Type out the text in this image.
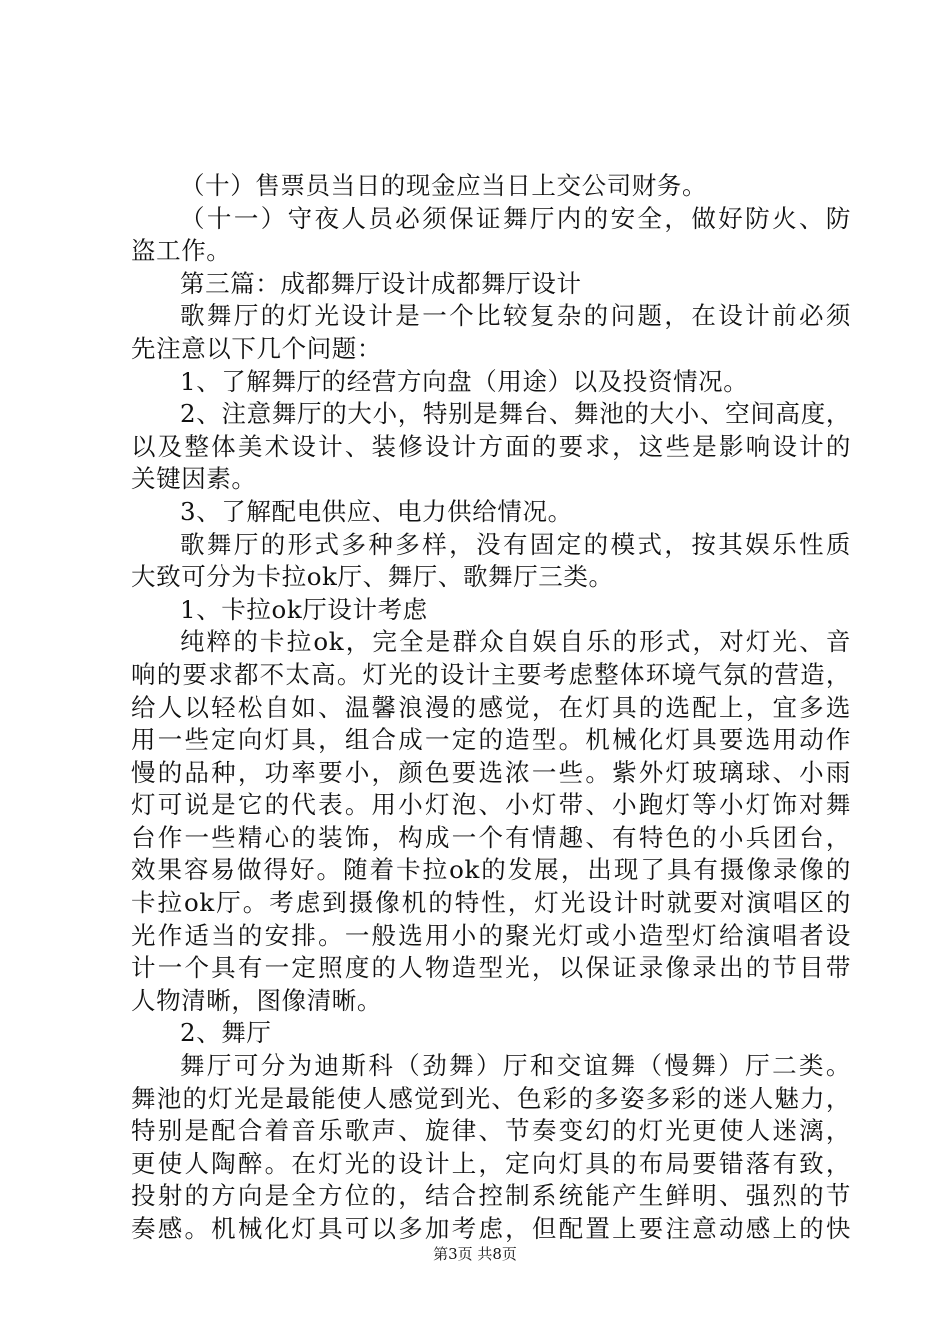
（十）售票员当日的现金应当日上交公司财务。
（十一）守夜人员必须保证舞厅内的安全，做好防火、防
盗工作。
第三篇：成都舞厅设计成都舞厅设计
歌舞厅的灯光设计是一个比较复杂的问题，在设计前必须
先注意以下几个问题：
1、了解舞厅的经营方向盘（用途）以及投资情况。
2、注意舞厅的大小，特别是舞台、舞池的大小、空间高度，
以及整体美术设计、装修设计方面的要求，这些是影响设计的
关键因素。
3、了解配电供应、电力供给情况。
歌舞厅的形式多种多样，没有固定的模式，按其娱乐性质
大致可分为卡拉ok厅、舞厅、歌舞厅三类。
1、卡拉ok厅设计考虑
纯粹的卡拉ok，完全是群众自娱自乐的形式，对灯光、音
响的要求都不太高。灯光的设计主要考虑整体环境气氛的营造，
给人以轻松自如、温馨浪漫的感觉，在灯具的选配上，宜多选
用一些定向灯具，组合成一定的造型。机械化灯具要选用动作
慢的品种，功率要小，颜色要选浓一些。紫外灯玻璃球、小雨
灯可说是它的代表。用小灯泡、小灯带、小跑灯等小灯饰对舞
台作一些精心的装饰，构成一个有情趣、有特色的小兵团台，
效果容易做得好。随着卡拉ok的发展，出现了具有摄像录像的
卡拉ok厅。考虑到摄像机的特性，灯光设计时就要对演唱区的
光作适当的安排。一般选用小的聚光灯或小造型灯给演唱者设
计一个具有一定照度的人物造型光，以保证录像录出的节目带
人物清晰，图像清晰。
2、舞厅
舞厅可分为迪斯科（劲舞）厅和交谊舞（慢舞）厅二类。
舞池的灯光是最能使人感觉到光、色彩的多姿多彩的迷人魅力，
特别是配合着音乐歌声、旋律、节奏变幻的灯光更使人迷漓，
更使人陶醉。在灯光的设计上，定向灯具的布局要错落有致，
投射的方向是全方位的，结合控制系统能产生鲜明、强烈的节
奏感。机械化灯具可以多加考虑，但配置上要注意动感上的快
第3页 共8页
